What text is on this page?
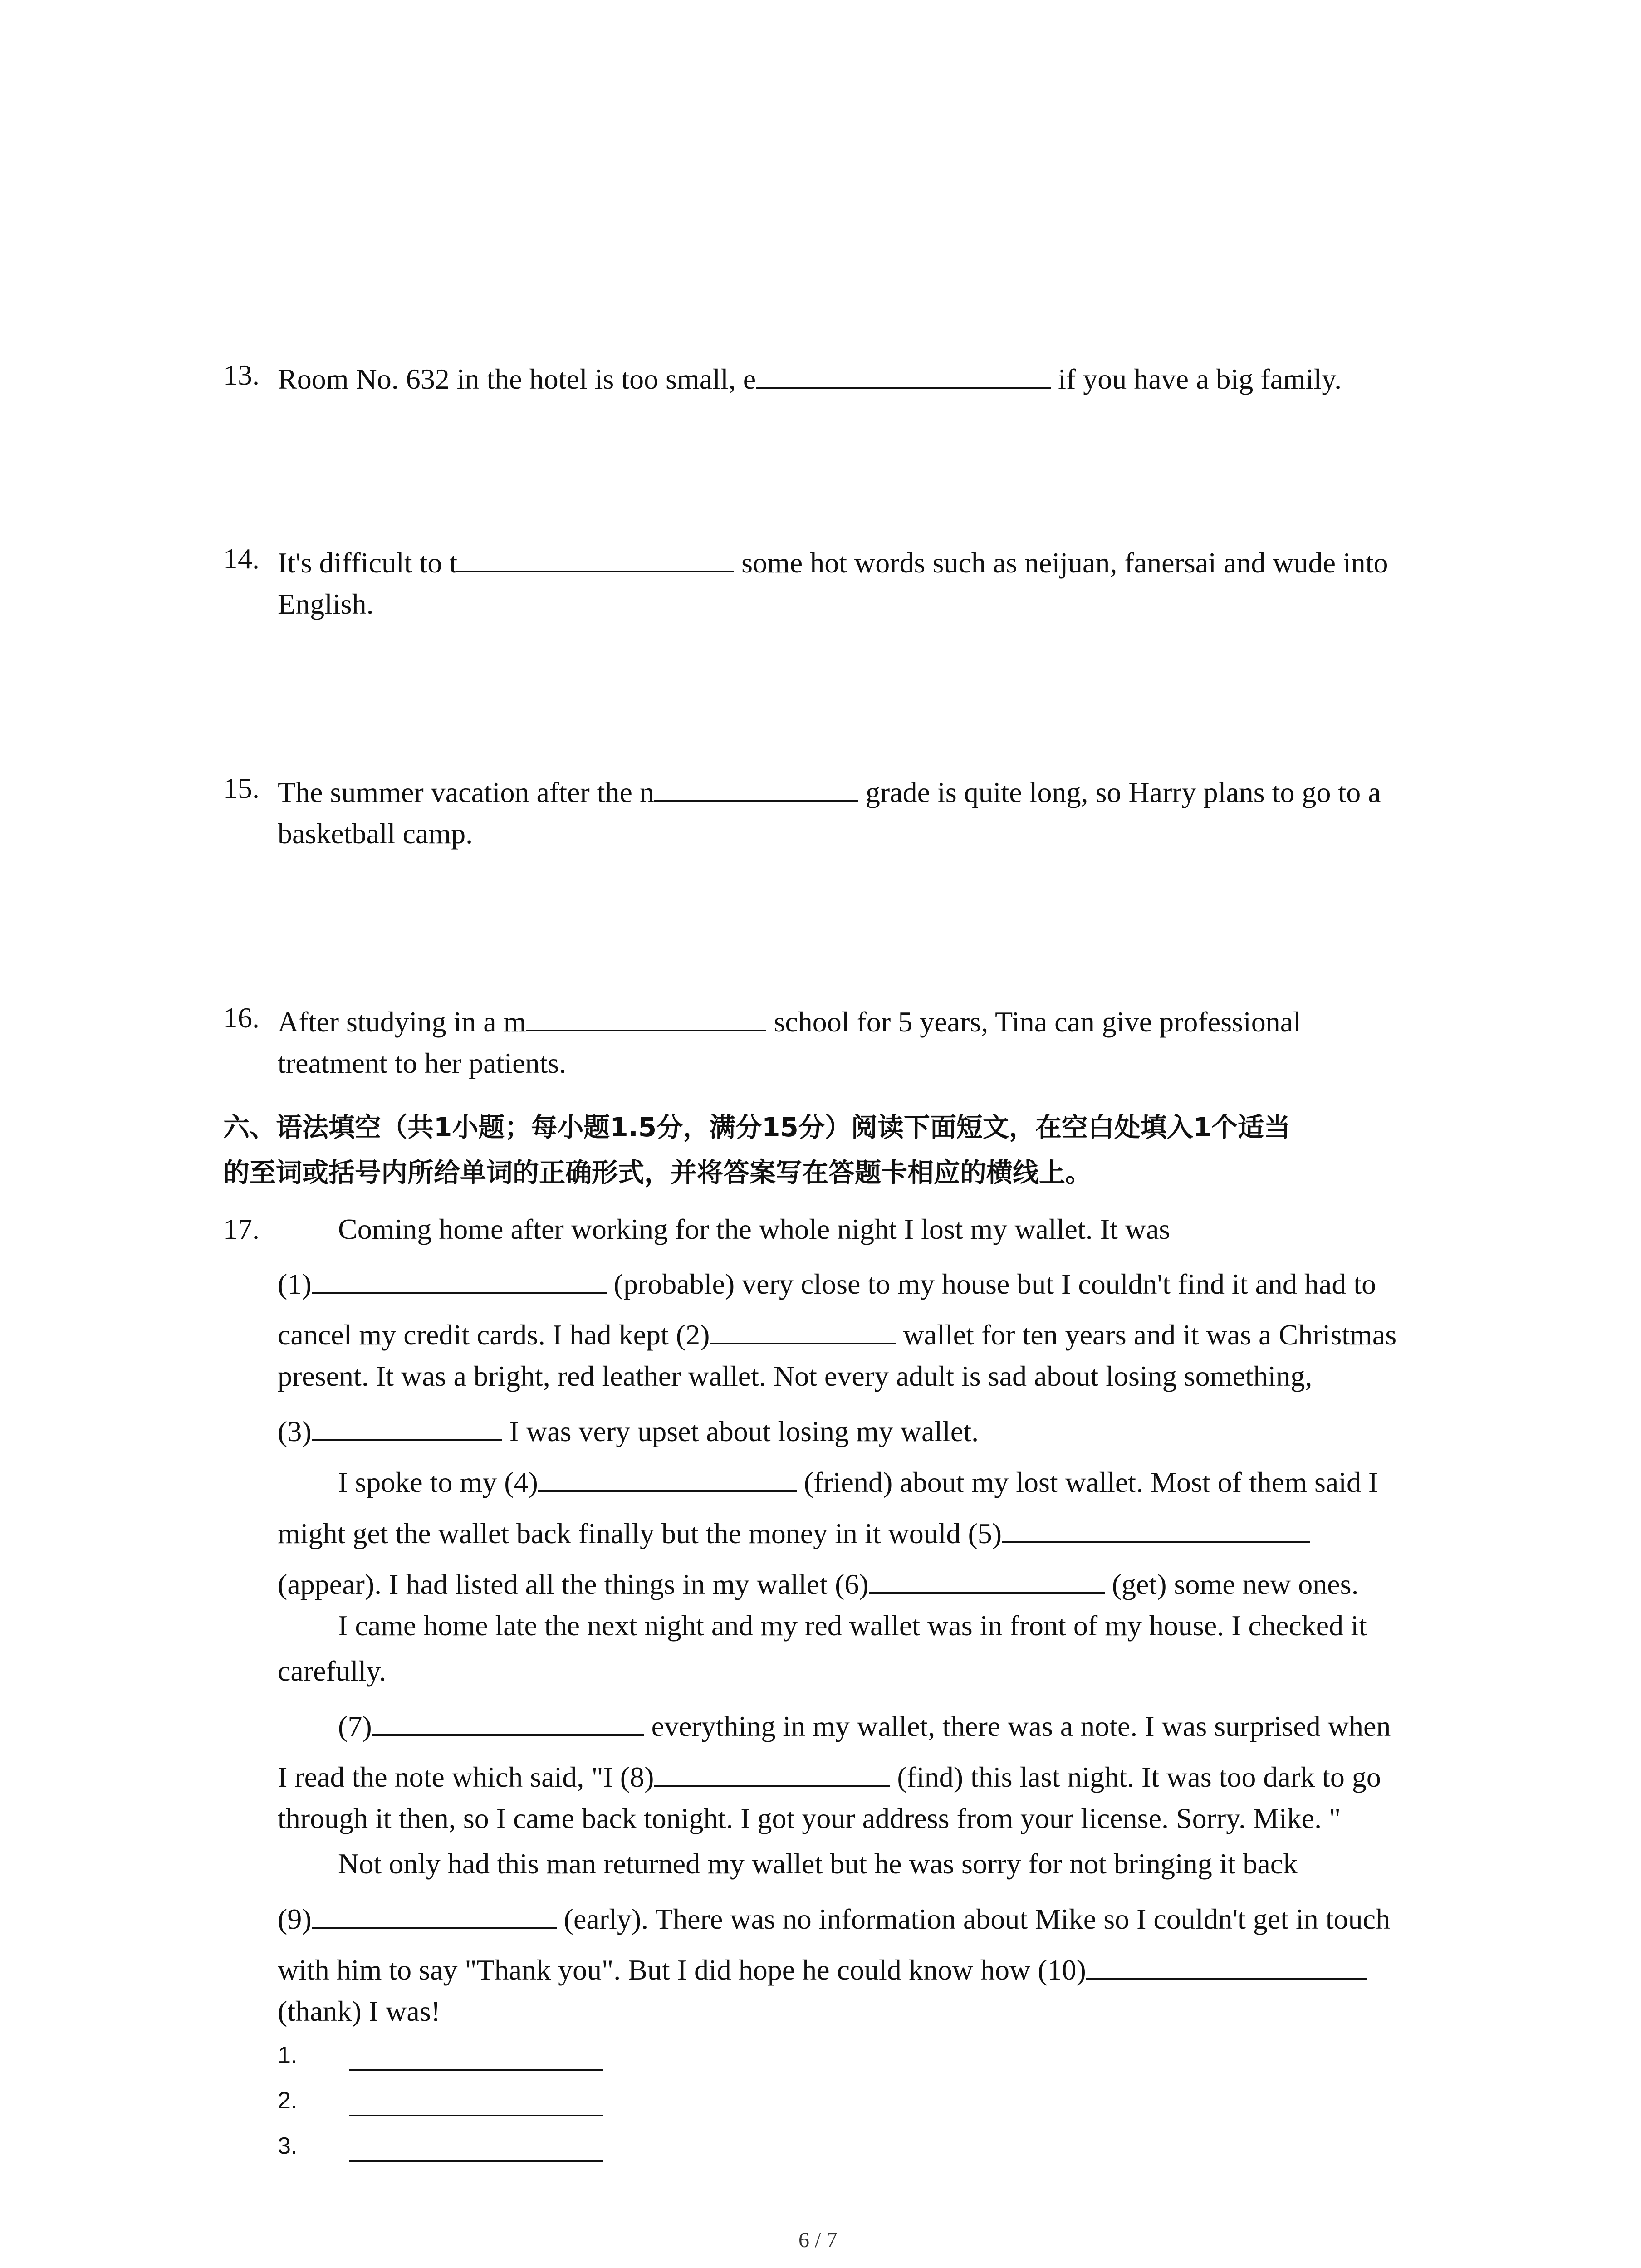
13. Room No. 632 in the hotel is too small, e	if you have a big family.
14. It's difficult to t	some hot words such as neijuan, fanersai and wude into
English.
15. The summer vacation after the n	grade is quite long, so Harry plans to go to a
basketball camp.
16. After studying in a m	school for 5 years, Tina can give professional
treatment to her patients.
六、语法填空（共1小题；每小题1.5分，满分15分）阅读下面短文，在空白处填入1个适当
的至词或括号内所给单词的正确形式，并将答案写在答题卡相应的横线上。
17.	Coming home after working for the whole night I lost my wallet. It was
(1)	(probable) very close to my house but I couldn't find it and had to
cancel my credit cards. I had kept (2)	wallet for ten years and it was a Christmas
present. It was a bright, red leather wallet. Not every adult is sad about losing something,
(3)	I was very upset about losing my wallet.
I spoke to my (4)	(friend) about my lost wallet. Most of them said I
might get the wallet back finally but the money in it would (5)
(appear). I had listed all the things in my wallet (6)	(get) some new ones.
I came home late the next night and my red wallet was in front of my house. I checked it
carefully.
(7)	everything in my wallet, there was a note. I was surprised when
I read the note which said, "I (8)	(find) this last night. It was too dark to go
through it then, so I came back tonight. I got your address from your license. Sorry. Mike. "
Not only had this man returned my wallet but he was sorry for not bringing it back
(9)	(early). There was no information about Mike so I couldn't get in touch
with him to say "Thank you". But I did hope he could know how (10)
(thank) I was!
1.
2.
3.
6 / 7
